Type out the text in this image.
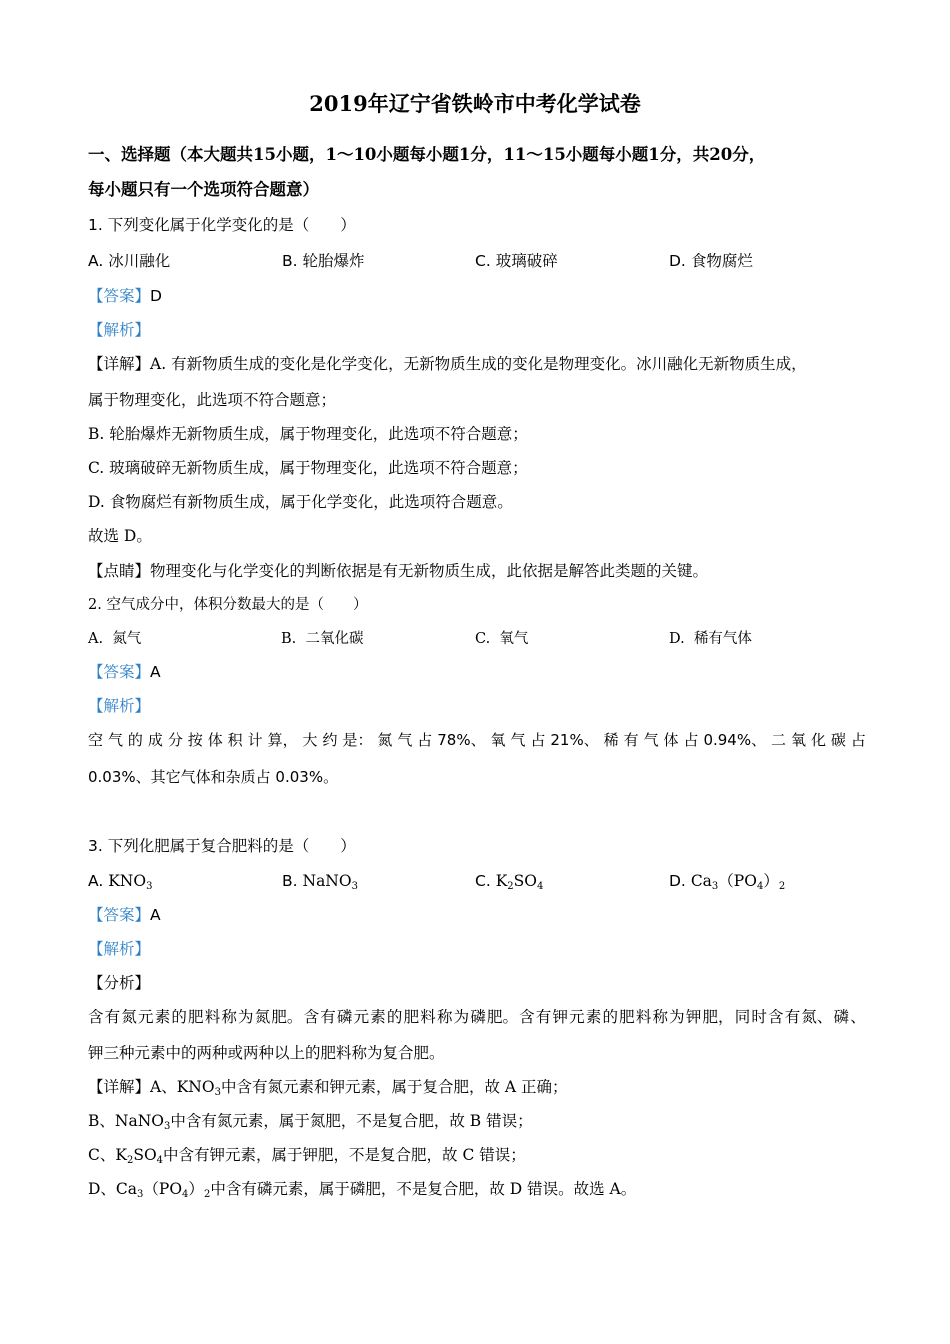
2019年辽宁省铁岭市中考化学试卷
一、选择题（本大题共15小题，1～10小题每小题1分，11～15小题每小题1分，共20分，
每小题只有一个选项符合题意）
1. 下列变化属于化学变化的是（　　）
A. 冰川融化	B. 轮胎爆炸	C. 玻璃破碎	D. 食物腐烂
【答案】D
【解析】
【详解】A. 有新物质生成的变化是化学变化，无新物质生成的变化是物理变化。冰川融化无新物质生成，
属于物理变化，此选项不符合题意；
B. 轮胎爆炸无新物质生成，属于物理变化，此选项不符合题意；
C. 玻璃破碎无新物质生成，属于物理变化，此选项不符合题意；
D. 食物腐烂有新物质生成，属于化学变化，此选项符合题意。
故选 D。
【点睛】物理变化与化学变化的判断依据是有无新物质生成，此依据是解答此类题的关键。
2. 空气成分中，体积分数最大的是（　　）
A. 氮气	B. 二氧化碳	C. 氧气	D. 稀有气体
【答案】A
【解析】
空 气 的 成 分 按 体 积 计 算， 大 约 是： 氮 气 占 78%、 氧 气 占 21%、 稀 有 气 体 占 0.94%、 二 氧 化 碳 占
0.03%、其它气体和杂质占 0.03%。
3. 下列化肥属于复合肥料的是（　　）
A. $KNO_3$	B. NaNO$_3$	C. $K_2SO_4$	D. $Ca_3(PO_4)_2$
【答案】A
【解析】
【分析】
含 有 氮 元 素 的 肥 料 称 为 氮 肥。 含 有 磷 元 素 的 肥 料 称 为 磷 肥。 含 有 钾 元 素 的 肥 料 称 为 钾 肥， 同 时 含 有 氮、 磷 、
钾三种元素中的两种或两种以上的肥料称为复合肥。
【详解】A、$KNO_3$中含有氮元素和钾元素，属于复合肥，故 A 正确；
B、NaNO$_3$中含有氮元素，属于氮肥，不是复合肥，故 B 错误；
C、$K_2SO_4$中含有钾元素，属于钾肥，不是复合肥，故 C 错误；
D、$Ca_3(PO_4)_2$中含有磷元素，属于磷肥，不是复合肥，故 D 错误。故选 A。
